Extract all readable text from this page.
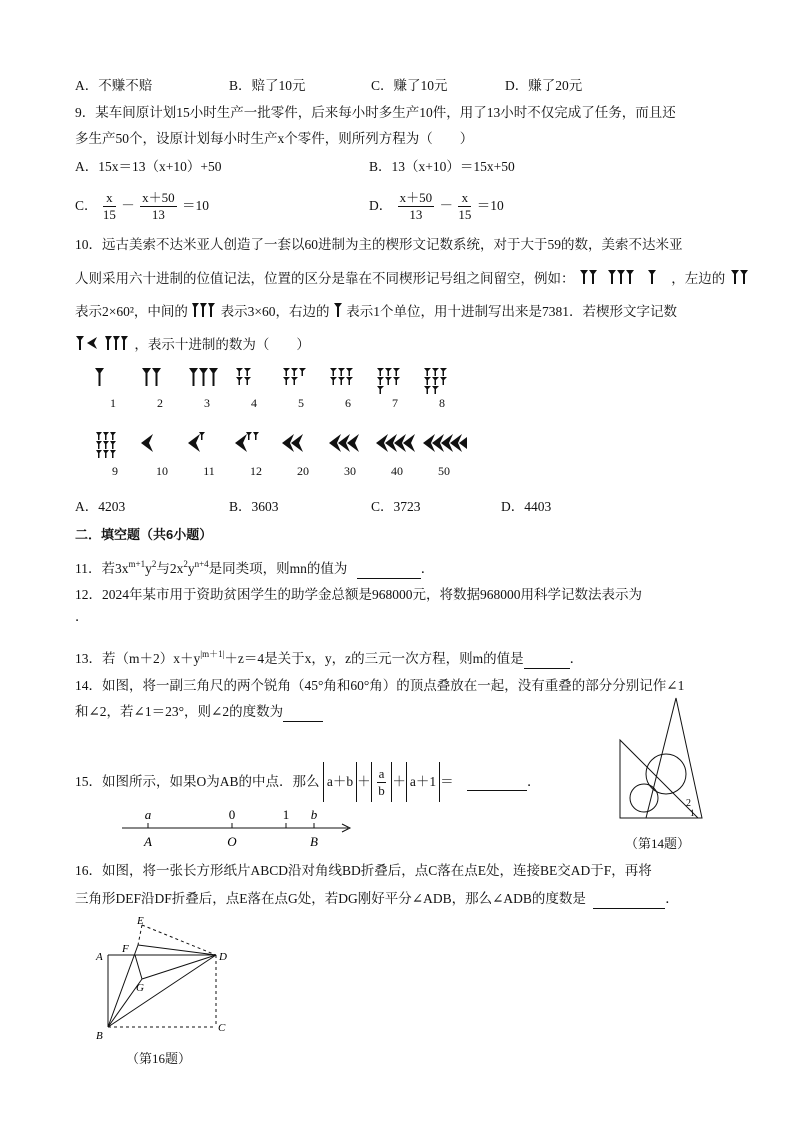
A．不赚不赔	B．赔了10元	C．赚了10元	D．赚了20元
9．某车间原计划15小时生产一批零件，后来每小时多生产10件，用了13小时不仅完成了任务，而且还
多生产50个，设原计划每小时生产x个零件，则所列方程为（　　）
A．15x＝13（x+10）+50	B．13（x+10）＝15x+50
C． $\frac{x}{15} - \frac{x+50}{13} =10$	D． $\frac{x+50}{13} - \frac{x}{15} =10$
10．远古美索不达米亚人创造了一套以60进制为主的楔形文记数系统，对于大于59的数，美索不达米亚
人则采用六十进制的位值记法，位置的区分是靠在不同楔形记号组之间留空，例如：	，左边的
表示2×60²，中间的 表示3×60，右边的 表示1个单位，用十进制写出来是7381．若楔形文字记数
，表示十进制的数为（　　）
1	2	3	4	5	6	7	8
9	10	11	12	20	30	40	50
A．4203	B．3603	C．3723	D．4403
二．填空题（共6小题）
11．若$3x^{m+1}y^2$与$2x^2y^{n+4}$是同类项，则mn的值为	．
12．2024年某市用于资助贫困学生的助学金总额是968000元，将数据968000用科学记数法表示为
．
13．若$(m+2)x+y^{|m+1|}+z=4$是关于x，y，z的三元一次方程，则m的值是	．
14．如图，将一副三角尺的两个锐角（45°角和60°角）的顶点叠放在一起，没有重叠的部分分别记作∠1
和∠2，若∠1＝23°，则∠2的度数为
15．如图所示，如果O为AB的中点．那么 $a+b + \frac{a}{b} + a+1$ ＝	．
a	0	1 b
A	O	B
2
1
（第14题）
16．如图，将一张长方形纸片ABCD沿对角线BD折叠后，点C落在点E处，连接BE交AD于F，再将
三角形DEF沿DF折叠后，点E落在点G处，若DG刚好平分∠ADB，那么∠ADB的度数是	．
E
F
A	D
G
B
C
（第16题）
